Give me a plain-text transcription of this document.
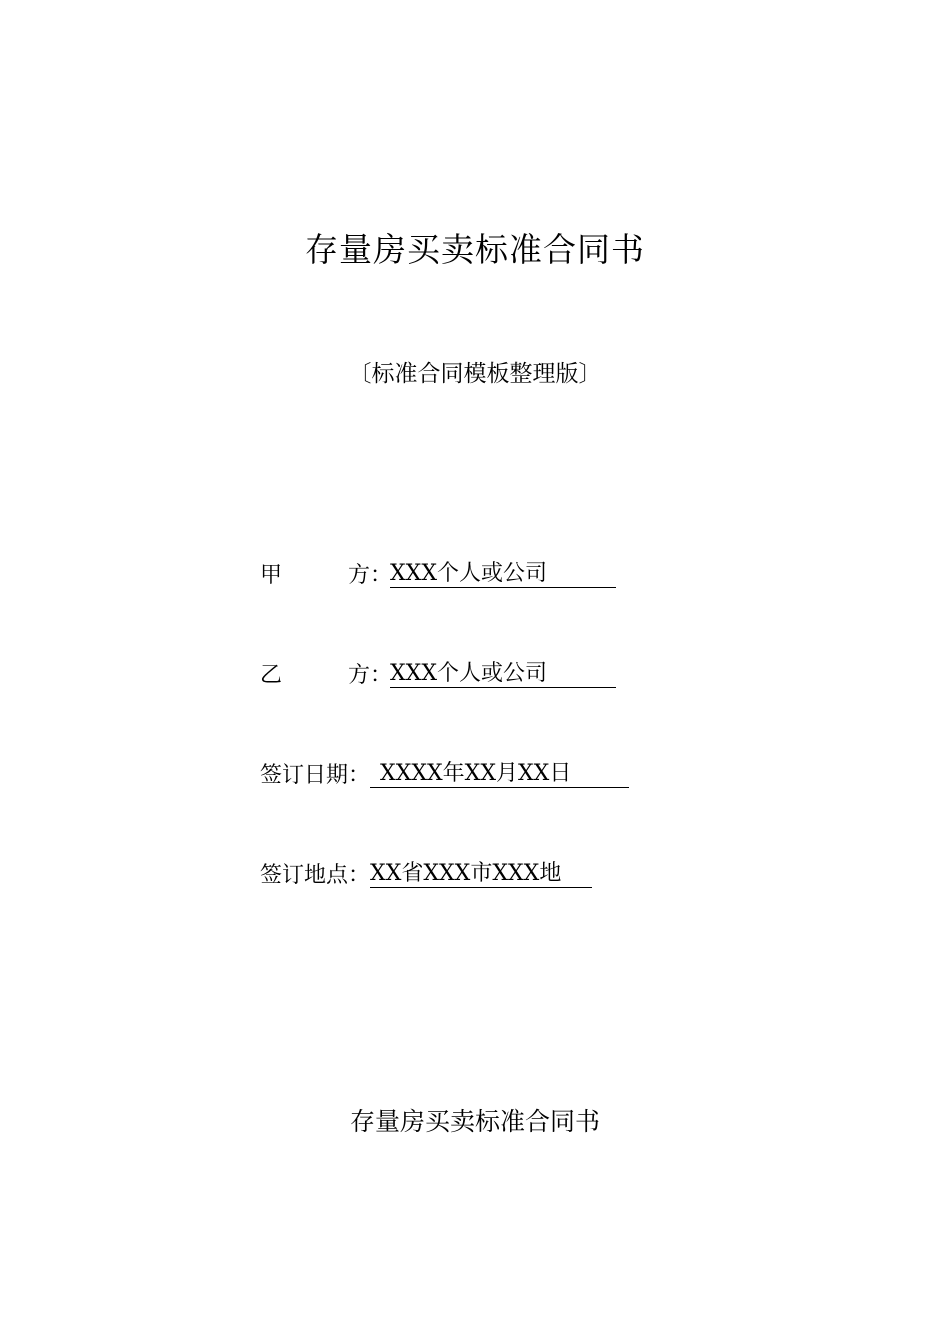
存量房买卖标准合同书
〔标准合同模板整理版〕
甲	方 ：XXX个人或公司
乙	方 ：XXX个人或公司
签订日期： XXXX年XX月XX日
签订地点：XX省XXX市XXX地
存量房买卖标准合同书
